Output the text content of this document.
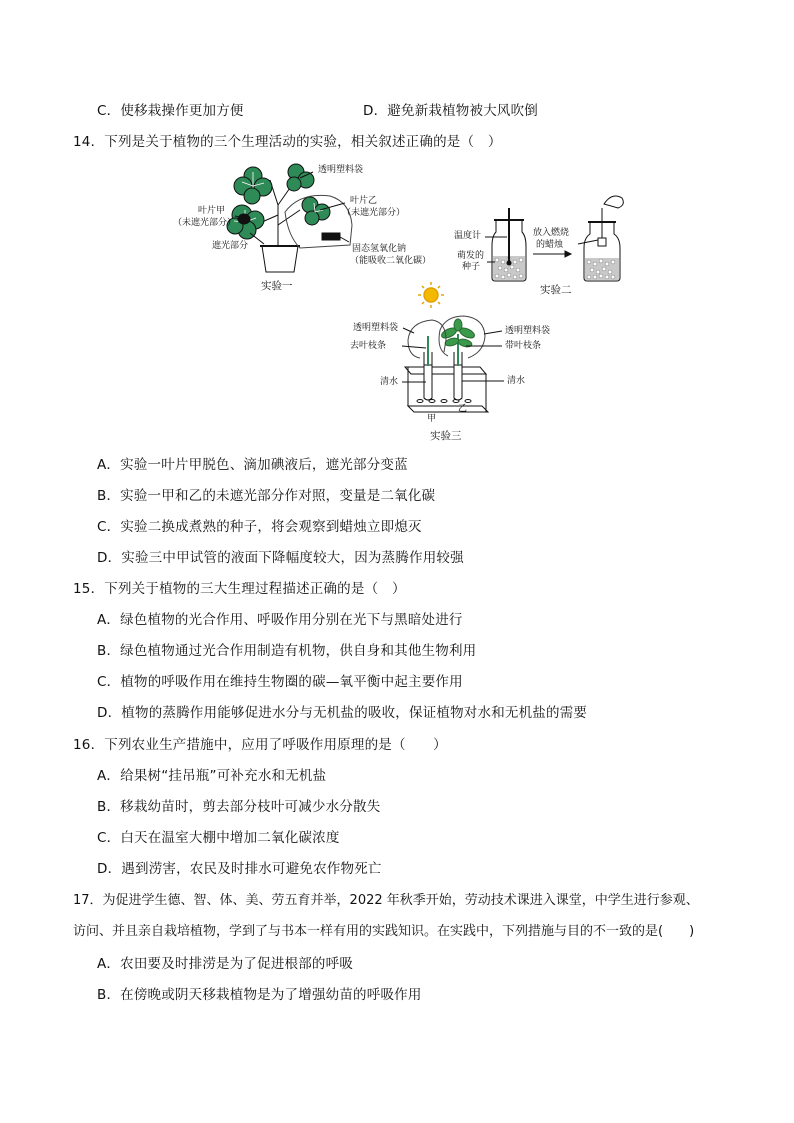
C．使移栽操作更加方便	D．避免新栽植物被大风吹倒
14．下列是关于植物的三个生理活动的实验，相关叙述正确的是（　）
透明塑料袋
叶片甲
（未遮光部分）
叶片乙
（未遮光部分）
遮光部分	固态氢氧化钠
（能吸收二氧化碳）
实验一
温度计
萌发的
种子
放入燃烧
的蜡烛
实验二
透明塑料袋	透明塑料袋
去叶枝条	带叶枝条
清水	清水
甲
乙
实验三
A．实验一叶片甲脱色、滴加碘液后，遮光部分变蓝
B．实验一甲和乙的未遮光部分作对照，变量是二氧化碳
C．实验二换成煮熟的种子，将会观察到蜡烛立即熄灭
D．实验三中甲试管的液面下降幅度较大，因为蒸腾作用较强
15．下列关于植物的三大生理过程描述正确的是（　）
A．绿色植物的光合作用、呼吸作用分别在光下与黑暗处进行
B．绿色植物通过光合作用制造有机物，供自身和其他生物利用
C．植物的呼吸作用在维持生物圈的碳—氧平衡中起主要作用
D．植物的蒸腾作用能够促进水分与无机盐的吸收，保证植物对水和无机盐的需要
16．下列农业生产措施中，应用了呼吸作用原理的是（　　）
A．给果树“挂吊瓶”可补充水和无机盐
B．移栽幼苗时，剪去部分枝叶可减少水分散失
C．白天在温室大棚中增加二氧化碳浓度
D．遇到涝害，农民及时排水可避免农作物死亡
17．为促进学生德、智、体、美、劳五育并举，2022 年秋季开始，劳动技术课进入课堂，中学生进行参观、
访问、并且亲自栽培植物，学到了与书本一样有用的实践知识。在实践中，下列措施与目的不一致的是(　　)
A．农田要及时排涝是为了促进根部的呼吸
B．在傍晚或阴天移栽植物是为了增强幼苗的呼吸作用
